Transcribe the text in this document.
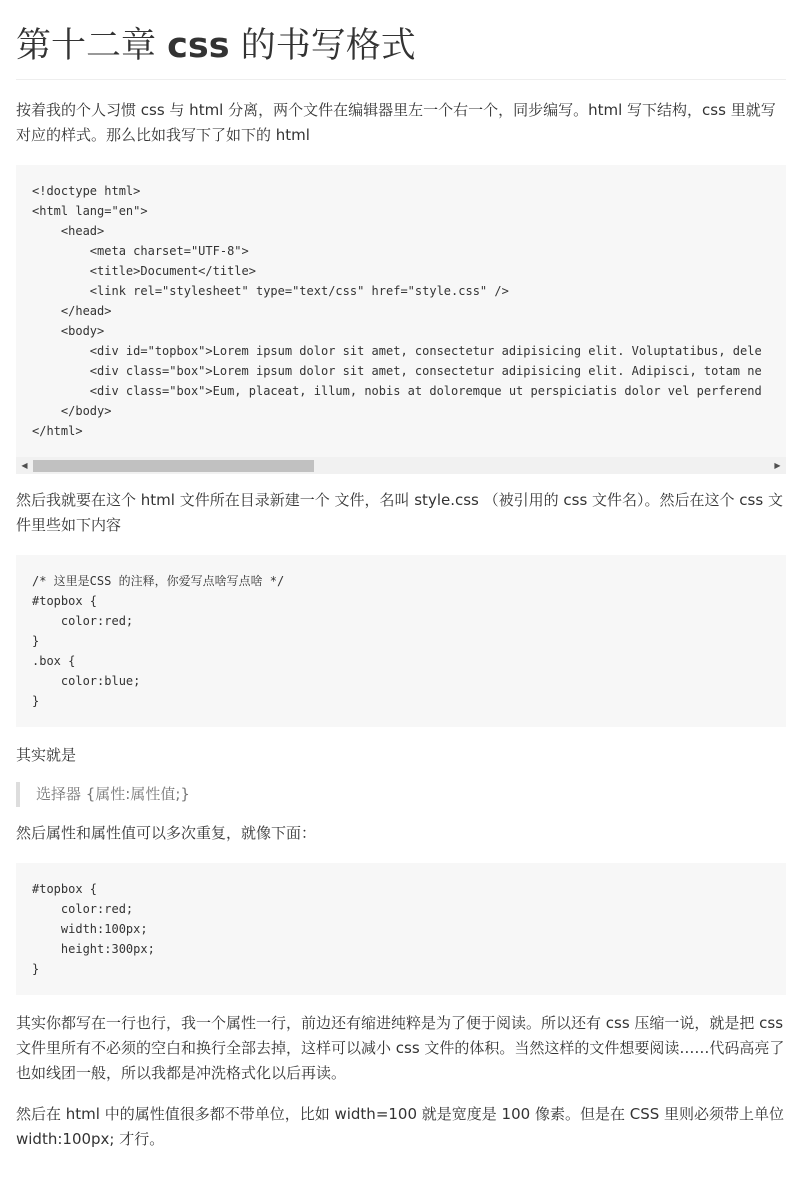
第十二章 css 的书写格式

按着我的个人习惯 css 与 html 分离，两个文件在编辑器里左一个右一个，同步编写。html 写下结构，css 里就写对应的样式。那么比如我写下了如下的 html

<!doctype html>
<html lang="en">
<head>
<meta charset="UTF-8">
<title>Document</title>
<link rel="stylesheet" type="text/css" href="style.css" />
</head>
<body>
<div id="topbox">Lorem ipsum dolor sit amet, consectetur adipisicing elit. Voluptatibus, dele
<div class="box">Lorem ipsum dolor sit amet, consectetur adipisicing elit. Adipisci, totam ne
<div class="box">Eum, placeat, illum, nobis at doloremque ut perspiciatis dolor vel perferend
</body>
</html>
◀	▶

然后我就要在这个 html 文件所在目录新建一个 文件，名叫 style.css （被引用的 css 文件名）。然后在这个 css 文件里些如下内容

/* 这里是CSS 的注释，你爱写点啥写点啥 */
#topbox {
color:red;
}
.box {
color:blue;
}

其实就是

选择器 {属性:属性值;}

然后属性和属性值可以多次重复，就像下面：

#topbox {
color:red;
width:100px;
height:300px;
}

其实你都写在一行也行，我一个属性一行，前边还有缩进纯粹是为了便于阅读。所以还有 css 压缩一说，就是把 css 文件里所有不必须的空白和换行全部去掉，这样可以减小 css 文件的体积。当然这样的文件想要阅读……代码高亮了也如线团一般，所以我都是冲洗格式化以后再读。

然后在 html 中的属性值很多都不带单位，比如 width=100 就是宽度是 100 像素。但是在 CSS 里则必须带上单位 width:100px; 才行。
